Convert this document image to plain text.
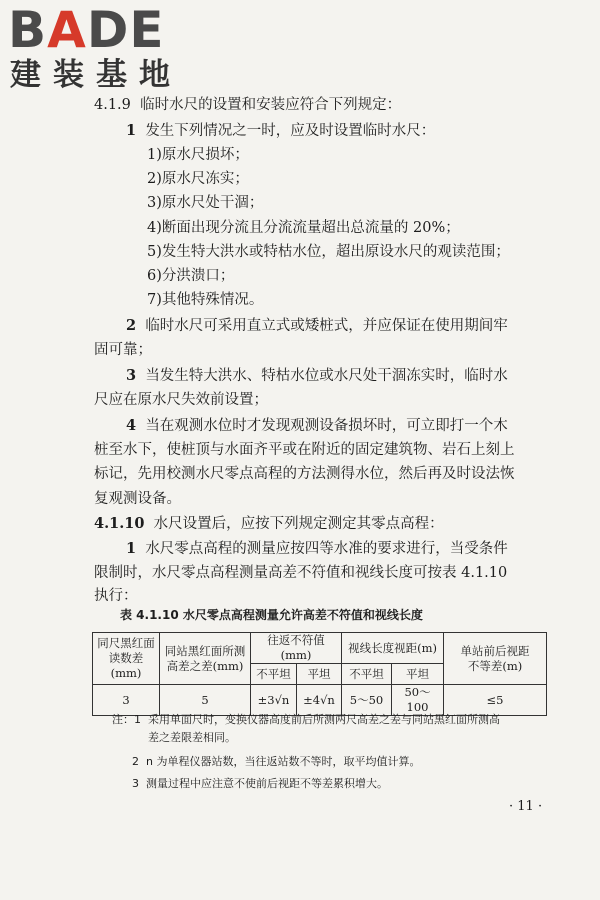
BADE
建装基地
4.1.9 临时水尺的设置和安装应符合下列规定：
1 发生下列情况之一时，应及时设置临时水尺：
1)原水尺损坏；
2)原水尺冻实；
3)原水尺处干涸；
4)断面出现分流且分流流量超出总流量的 20%；
5)发生特大洪水或特枯水位，超出原设水尺的观读范围；
6)分洪溃口；
7)其他特殊情况。
2 临时水尺可采用直立式或矮桩式，并应保证在使用期间牢
固可靠；
3 当发生特大洪水、特枯水位或水尺处干涸冻实时，临时水
尺应在原水尺失效前设置；
4 当在观测水位时才发现观测设备损坏时，可立即打一个木
桩至水下，使桩顶与水面齐平或在附近的固定建筑物、岩石上刻上
标记，先用校测水尺零点高程的方法测得水位，然后再及时设法恢
复观测设备。
4.1.10 水尺设置后，应按下列规定测定其零点高程：
1 水尺零点高程的测量应按四等水准的要求进行，当受条件
限制时，水尺零点高程测量高差不符值和视线长度可按表 4.1.10
执行：
表 4.1.10 水尺零点高程测量允许高差不符值和视线长度
同尺黑红面
读数差(mm)	同站黑红面所测
高差之差(mm)	往返不符值(mm)		视线长度视距(m)		单站前后视距
不等差(m)
		不平坦	平坦	不平坦	平坦	
3	5	±3√n	±4√n	5～50	50～100	≤5
注：1 采用单面尺时，变换仪器高度前后所测两尺高差之差与同站黑红面所测高
差之差限差相同。
2 n 为单程仪器站数，当往返站数不等时，取平均值计算。
3 测量过程中应注意不使前后视距不等差累积增大。
· 11 ·
